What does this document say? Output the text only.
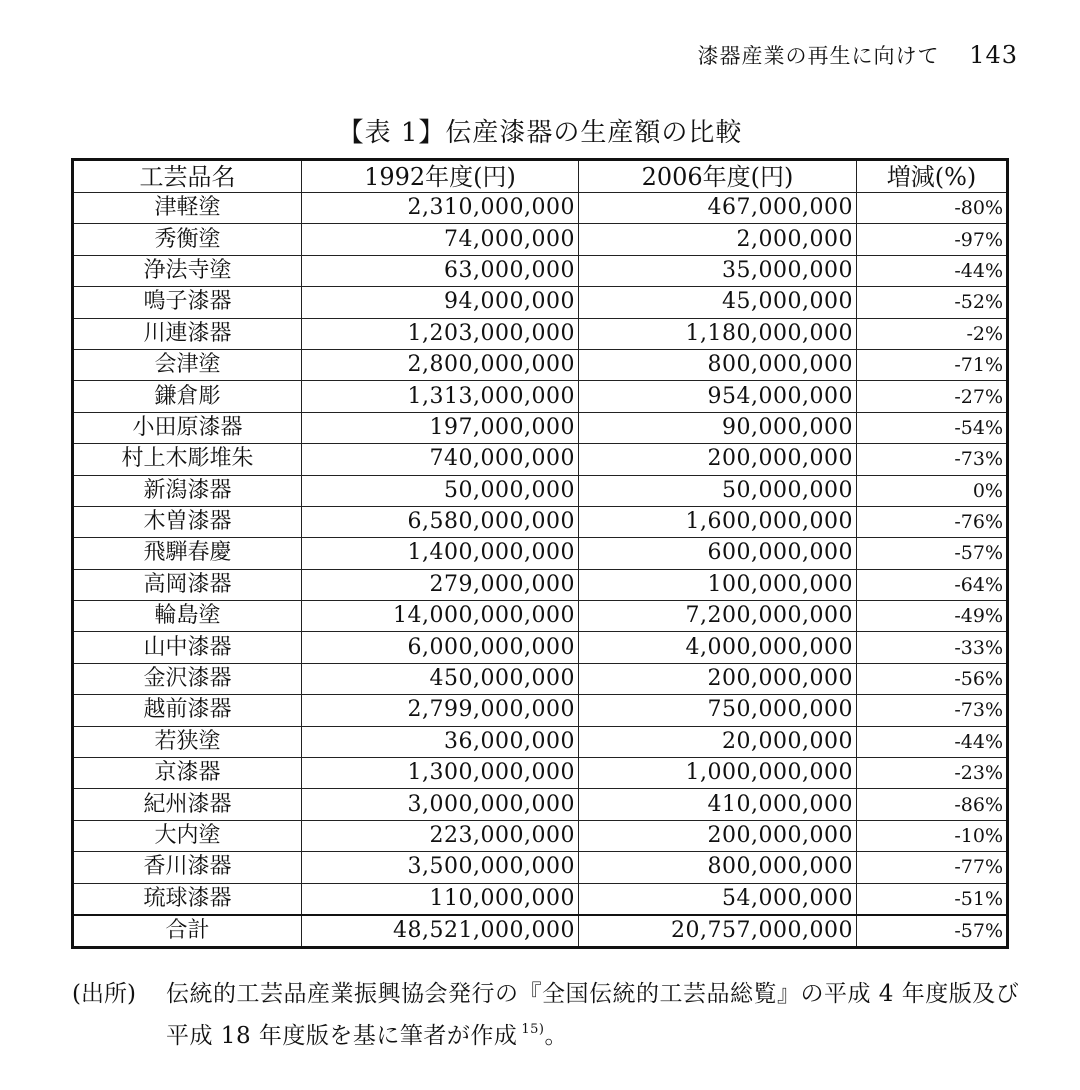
漆器産業の再生に向けて 143
【表 1】伝産漆器の生産額の比較
工芸品名	1992年度(円)	2006年度(円)	増減(%)
津軽塗	2,310,000,000	467,000,000	-80%
秀衡塗	74,000,000	2,000,000	-97%
浄法寺塗	63,000,000	35,000,000	-44%
鳴子漆器	94,000,000	45,000,000	-52%
川連漆器	1,203,000,000	1,180,000,000	-2%
会津塗	2,800,000,000	800,000,000	-71%
鎌倉彫	1,313,000,000	954,000,000	-27%
小田原漆器	197,000,000	90,000,000	-54%
村上木彫堆朱	740,000,000	200,000,000	-73%
新潟漆器	50,000,000	50,000,000	0%
木曽漆器	6,580,000,000	1,600,000,000	-76%
飛騨春慶	1,400,000,000	600,000,000	-57%
高岡漆器	279,000,000	100,000,000	-64%
輪島塗	14,000,000,000	7,200,000,000	-49%
山中漆器	6,000,000,000	4,000,000,000	-33%
金沢漆器	450,000,000	200,000,000	-56%
越前漆器	2,799,000,000	750,000,000	-73%
若狭塗	36,000,000	20,000,000	-44%
京漆器	1,300,000,000	1,000,000,000	-23%
紀州漆器	3,000,000,000	410,000,000	-86%
大内塗	223,000,000	200,000,000	-10%
香川漆器	3,500,000,000	800,000,000	-77%
琉球漆器	110,000,000	54,000,000	-51%
合計	48,521,000,000	20,757,000,000	-57%
(出所) 伝統的工芸品産業振興協会発行の『全国伝統的工芸品総覧』の平成 4 年度版及び平成 18 年度版を基に筆者が作成 $^{15)}$。
